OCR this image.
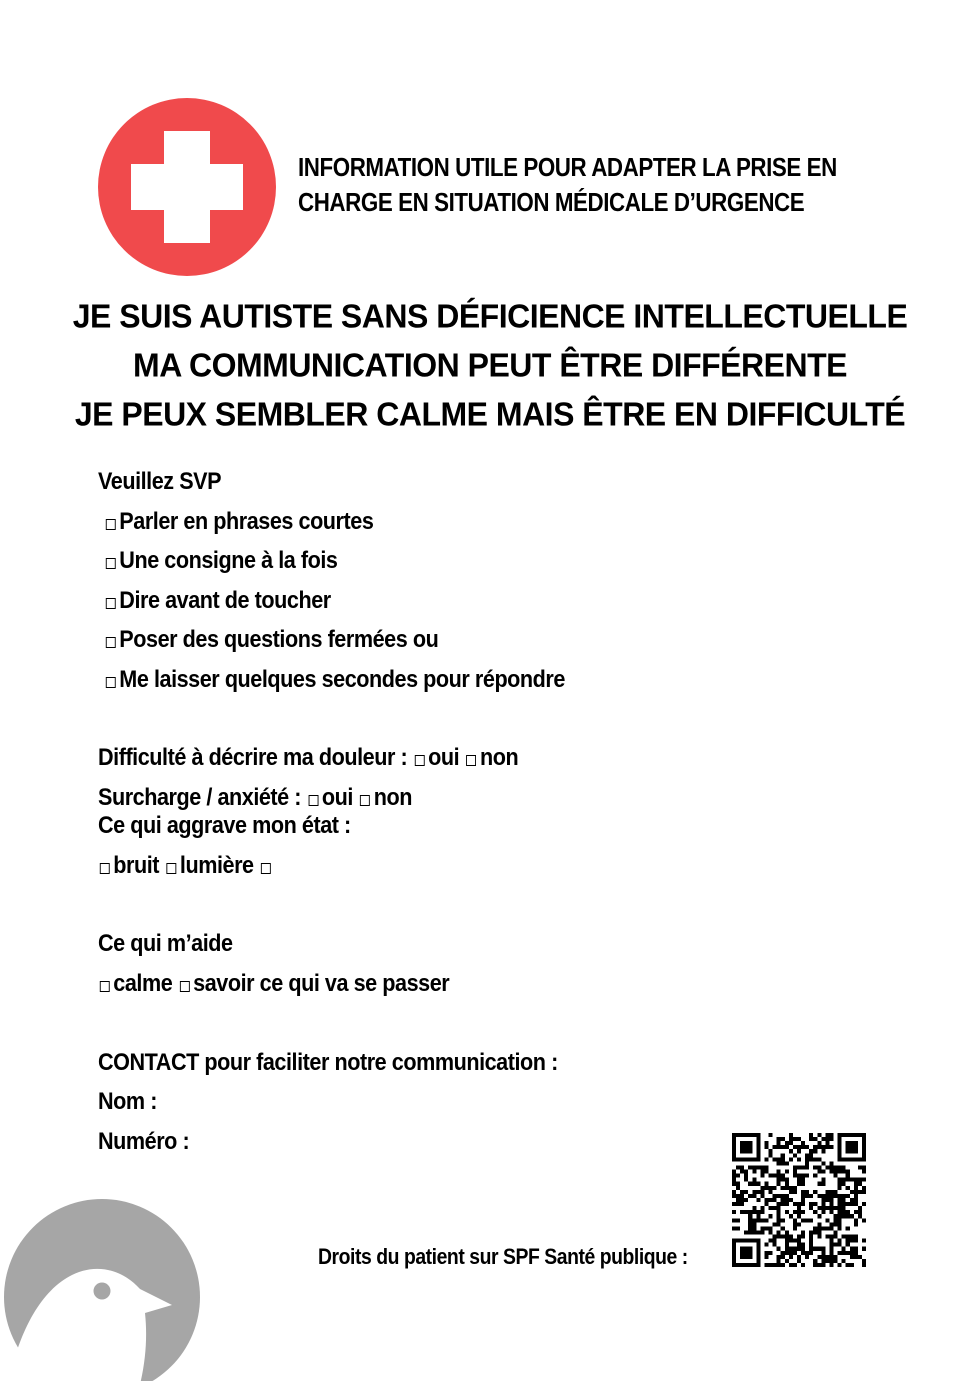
INFORMATION UTILE POUR ADAPTER LA PRISE EN
CHARGE EN SITUATION MÉDICALE D’URGENCE
JE SUIS AUTISTE SANS DÉFICIENCE INTELLECTUELLE
MA COMMUNICATION PEUT ÊTRE DIFFÉRENTE
JE PEUX SEMBLER CALME MAIS ÊTRE EN DIFFICULTÉ
Veuillez SVP
Parler en phrases courtes
Une consigne à la fois
Dire avant de toucher
Poser des questions fermées ou
Me laisser quelques secondes pour répondre
Difficulté à décrire ma douleur : oui non
Surcharge / anxiété : oui non
Ce qui aggrave mon état :
bruit lumière
Ce qui m’aide
calme savoir ce qui va se passer
CONTACT pour faciliter notre communication :
Nom :
Numéro :
Droits du patient sur SPF Santé publique :
